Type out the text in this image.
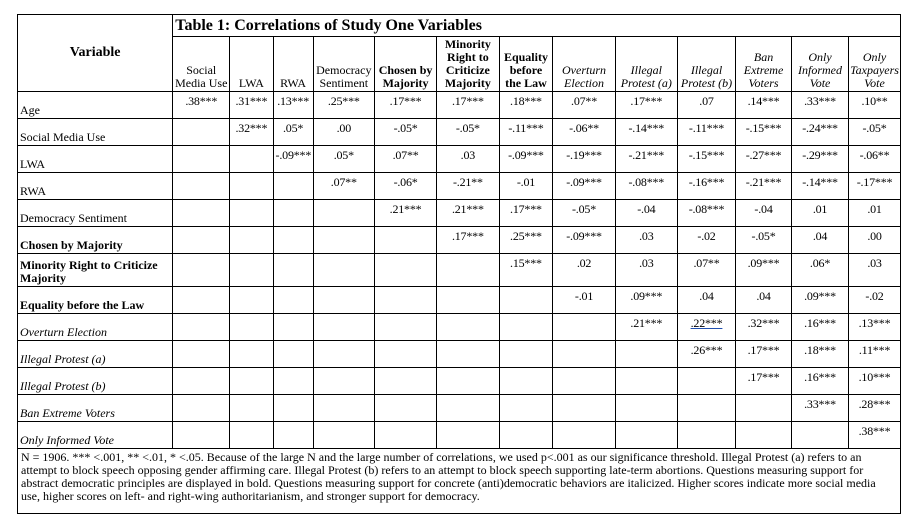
Variable	Table 1: Correlations of Study One Variables												
	Social Media Use	LWA	RWA	Democracy Sentiment	Chosen by Majority	Minority Right to Criticize Majority	Equality before the Law	Overturn Election	Illegal Protest (a)	Illegal Protest (b)	Ban Extreme Voters	Only Informed Vote	Only Taxpayers Vote
Age	.38***	.31***	.13***	.25***	.17***	.17***	.18***	.07**	.17***	.07	.14***	.33***	.10**
Social Media Use		.32***	.05*	.00	-.05*	-.05*	-.11***	-.06**	-.14***	-.11***	-.15***	-.24***	-.05*
LWA			-.09***	.05*	.07**	.03	-.09***	-.19***	-.21***	-.15***	-.27***	-.29***	-.06**
RWA				.07**	-.06*	-.21**	-.01	-.09***	-.08***	-.16***	-.21***	-.14***	-.17***
Democracy Sentiment					.21***	.21***	.17***	-.05*	-.04	-.08***	-.04	.01	.01
Chosen by Majority						.17***	.25***	-.09***	.03	-.02	-.05*	.04	.00
Minority Right to Criticize Majority							.15***	.02	.03	.07**	.09***	.06*	.03
Equality before the Law								-.01	.09***	.04	.04	.09***	-.02
Overturn Election									.21***	.22***	.32***	.16***	.13***
Illegal Protest (a)										.26***	.17***	.18***	.11***
Illegal Protest (b)											.17***	.16***	.10***
Ban Extreme Voters												.33***	.28***
Only Informed Vote													.38***
N = 1906. *** <.001, ** <.01, * <.05. Because of the large N and the large number of correlations, we used p<.001 as our significance threshold. Illegal Protest (a) refers to an attempt to block speech opposing gender affirming care. Illegal Protest (b) refers to an attempt to block speech supporting late-term abortions. Questions measuring support for abstract democratic principles are displayed in bold. Questions measuring support for concrete (anti)democratic behaviors are italicized. Higher scores indicate more social media use, higher scores on left- and right-wing authoritarianism, and stronger support for democracy.													
